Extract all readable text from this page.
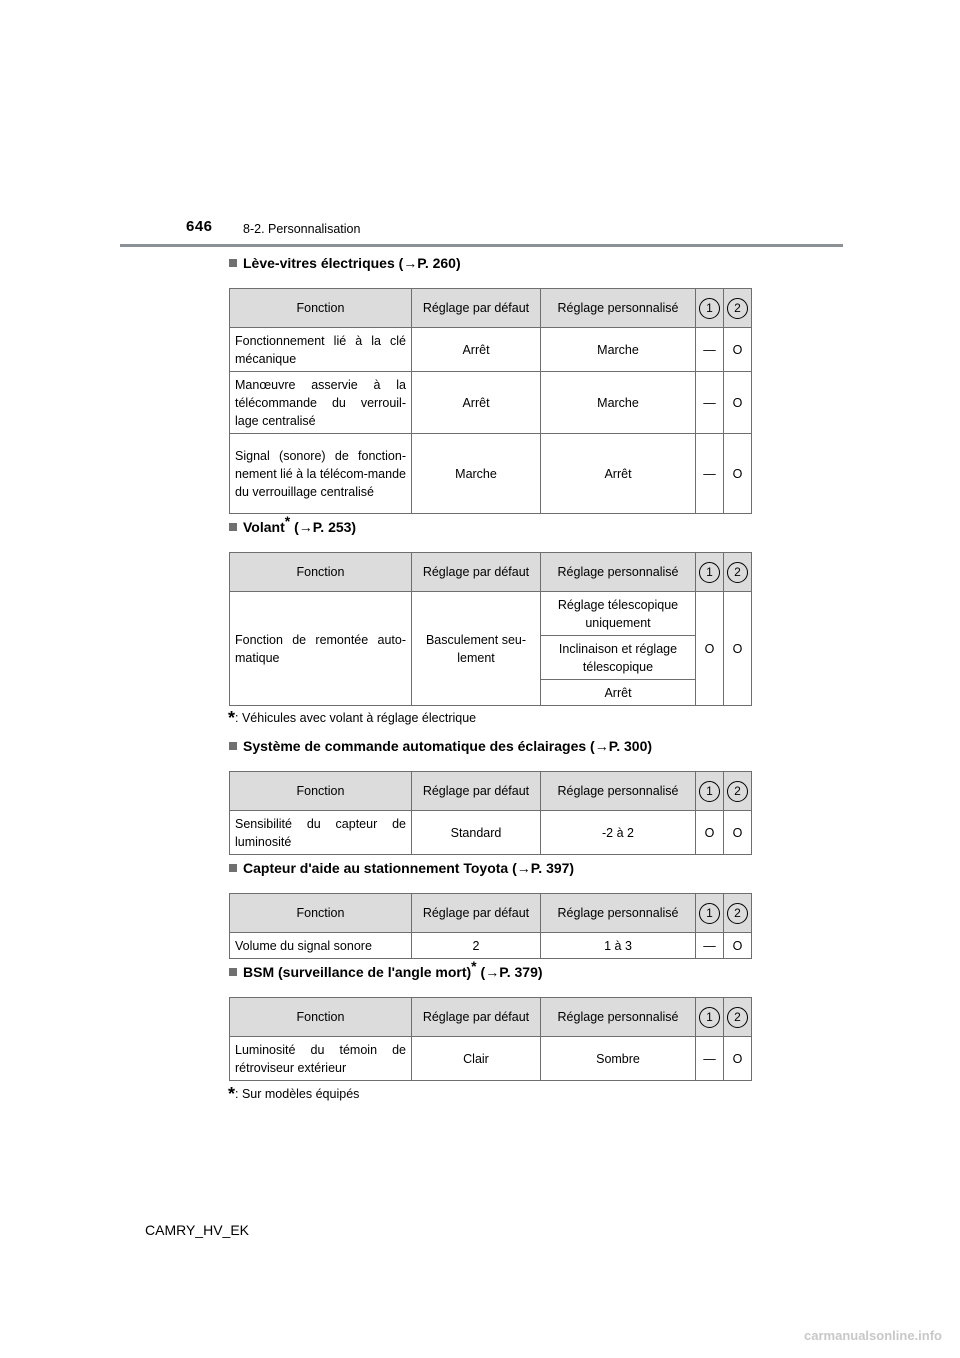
646 8-2. Personnalisation
Lève-vitres électriques (→P. 260)
Fonction	Réglage par défaut	Réglage personnalisé	1	2
Fonctionnement lié à la clé mécanique	Arrêt	Marche	—	O
Manœuvre asservie à la télécommande du verrouil-lage centralisé	Arrêt	Marche	—	O
Signal (sonore) de fonction-nement lié à la télécom-mande du verrouillage centralisé	Marche	Arrêt	—	O
Volant* (→P. 253)
Fonction	Réglage par défaut	Réglage personnalisé	1	2
Fonction de remontée auto-matique	Basculement seu-lement	Réglage télescopique uniquement	O	O
		Inclinaison et réglage télescopique		
		Arrêt		
*: Véhicules avec volant à réglage électrique
Système de commande automatique des éclairages (→P. 300)
Fonction	Réglage par défaut	Réglage personnalisé	1	2
Sensibilité du capteur de luminosité	Standard	-2 à 2	O	O
Capteur d'aide au stationnement Toyota (→P. 397)
Fonction	Réglage par défaut	Réglage personnalisé	1	2
Volume du signal sonore	2	1 à 3	—	O
BSM (surveillance de l'angle mort)* (→P. 379)
Fonction	Réglage par défaut	Réglage personnalisé	1	2
Luminosité du témoin de rétroviseur extérieur	Clair	Sombre	—	O
*: Sur modèles équipés
CAMRY_HV_EK
carmanualsonline.info
